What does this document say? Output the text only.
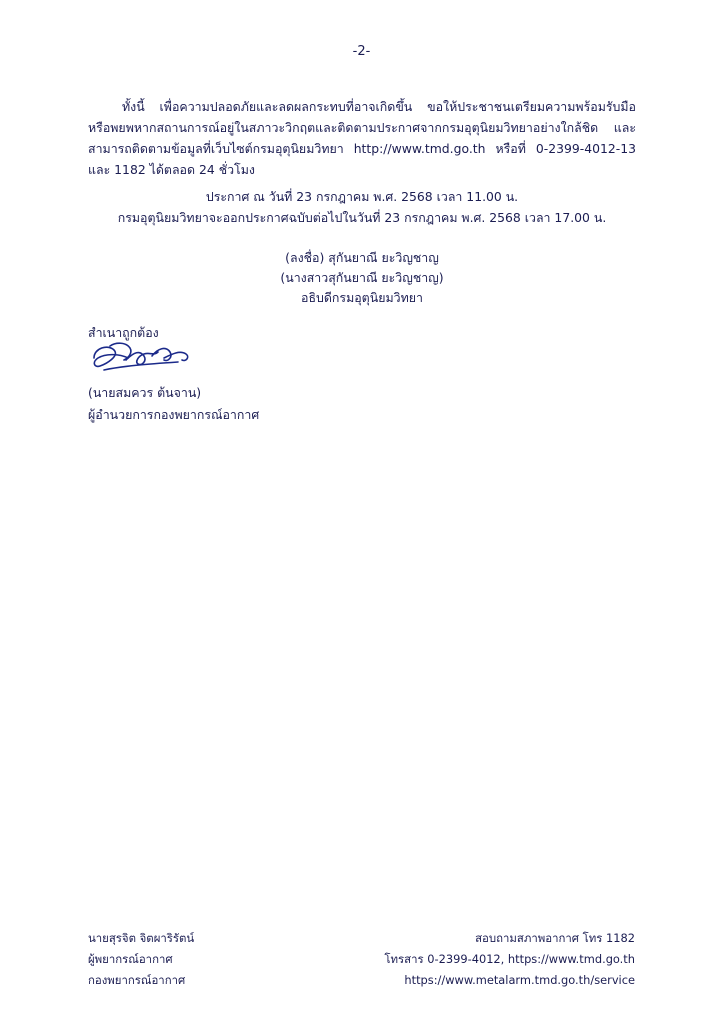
-2-
ทั้งนี้ เพื่อความปลอดภัยและลดผลกระทบที่อาจเกิดขึ้น ขอให้ประชาชนเตรียมความพร้อมรับมือหรือพยพหากสถานการณ์อยู่ในสภาวะวิกฤตและติดตามประกาศจากกรมอุตุนิยมวิทยาอย่างใกล้ชิด และสามารถติดตามข้อมูลที่เว็บไซต์กรมอุตุนิยมวิทยา http://www.tmd.go.th หรือที่ 0-2399-4012-13 และ 1182 ได้ตลอด 24 ชั่วโมง
ประกาศ ณ วันที่ 23 กรกฎาคม พ.ศ. 2568 เวลา 11.00 น.
กรมอุตุนิยมวิทยาจะออกประกาศฉบับต่อไปในวันที่ 23 กรกฎาคม พ.ศ. 2568 เวลา 17.00 น.
(ลงชื่อ) สุกันยาณี ยะวิญชาญ
(นางสาวสุกันยาณี ยะวิญชาญ)
อธิบดีกรมอุตุนิยมวิทยา
สำเนาถูกต้อง
(นายสมควร ต้นจาน)
ผู้อำนวยการกองพยากรณ์อากาศ
นายสุรจิต จิตผาริรัตน์
ผู้พยากรณ์อากาศ
กองพยากรณ์อากาศ
สอบถามสภาพอากาศ โทร 1182
โทรสาร 0-2399-4012, https://www.tmd.go.th
https://www.metalarm.tmd.go.th/service
